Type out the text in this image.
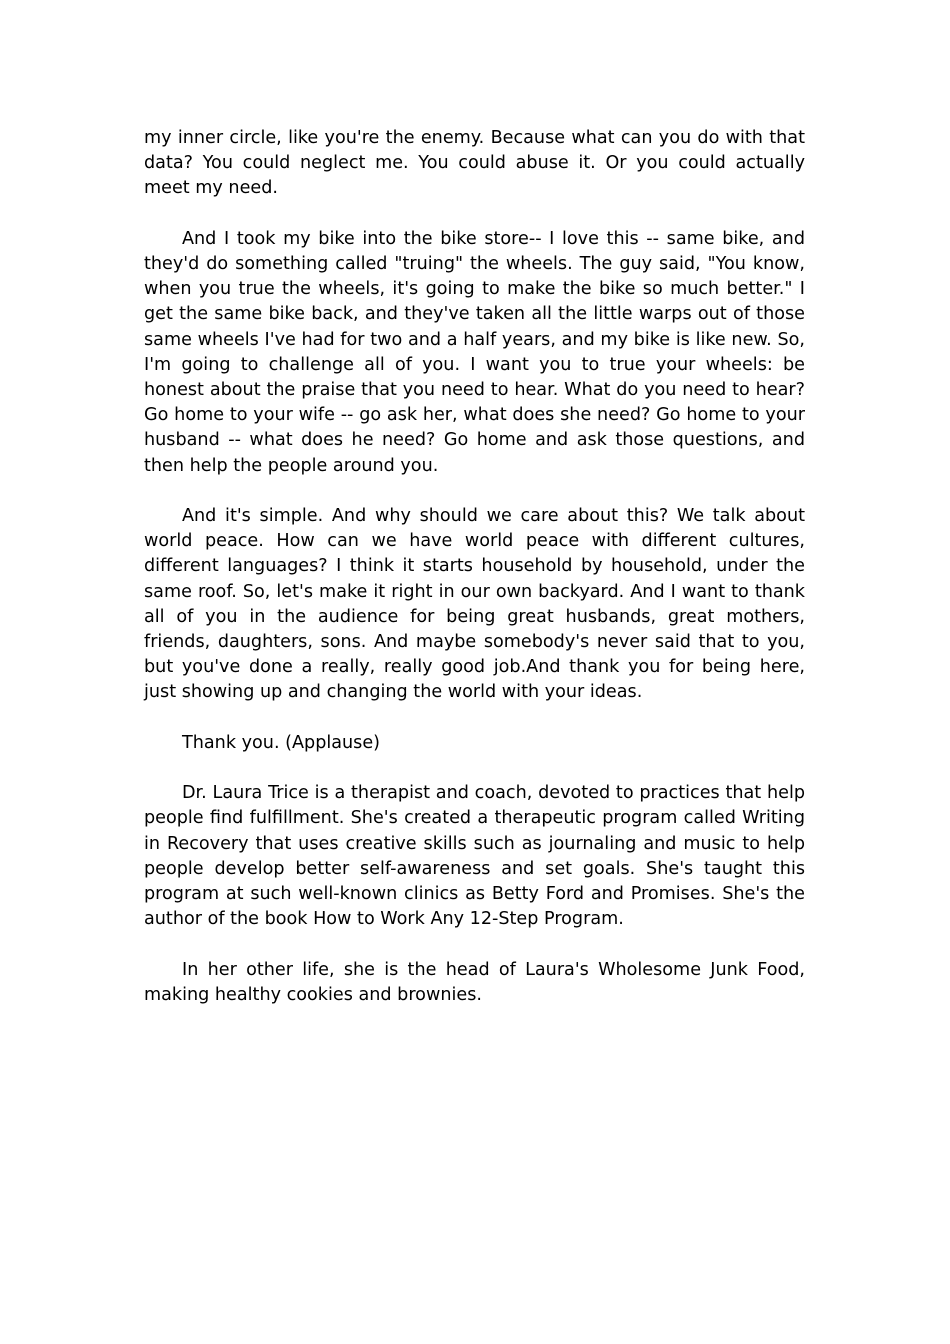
my inner circle, like you're the enemy. Because what can you do with that data? You could neglect me. You could abuse it. Or you could actually meet my need.

And I took my bike into the bike store-- I love this -- same bike, and they'd do something called "truing" the wheels. The guy said, "You know, when you true the wheels, it's going to make the bike so much better." I get the same bike back, and they've taken all the little warps out of those same wheels I've had for two and a half years, and my bike is like new. So, I'm going to challenge all of you. I want you to true your wheels: be honest about the praise that you need to hear. What do you need to hear? Go home to your wife -- go ask her, what does she need? Go home to your husband -- what does he need? Go home and ask those questions, and then help the people around you.

And it's simple. And why should we care about this? We talk about world peace. How can we have world peace with different cultures, different languages? I think it starts household by household, under the same roof. So, let's make it right in our own backyard. And I want to thank all of you in the audience for being great husbands, great mothers, friends, daughters, sons. And maybe somebody's never said that to you, but you've done a really, really good job.And thank you for being here, just showing up and changing the world with your ideas.

Thank you. (Applause)

Dr. Laura Trice is a therapist and coach, devoted to practices that help people find fulfillment. She's created a therapeutic program called Writing in Recovery that uses creative skills such as journaling and music to help people develop better self-awareness and set goals. She's taught this program at such well-known clinics as Betty Ford and Promises. She's the author of the book How to Work Any 12-Step Program.

In her other life, she is the head of Laura's Wholesome Junk Food, making healthy cookies and brownies.
